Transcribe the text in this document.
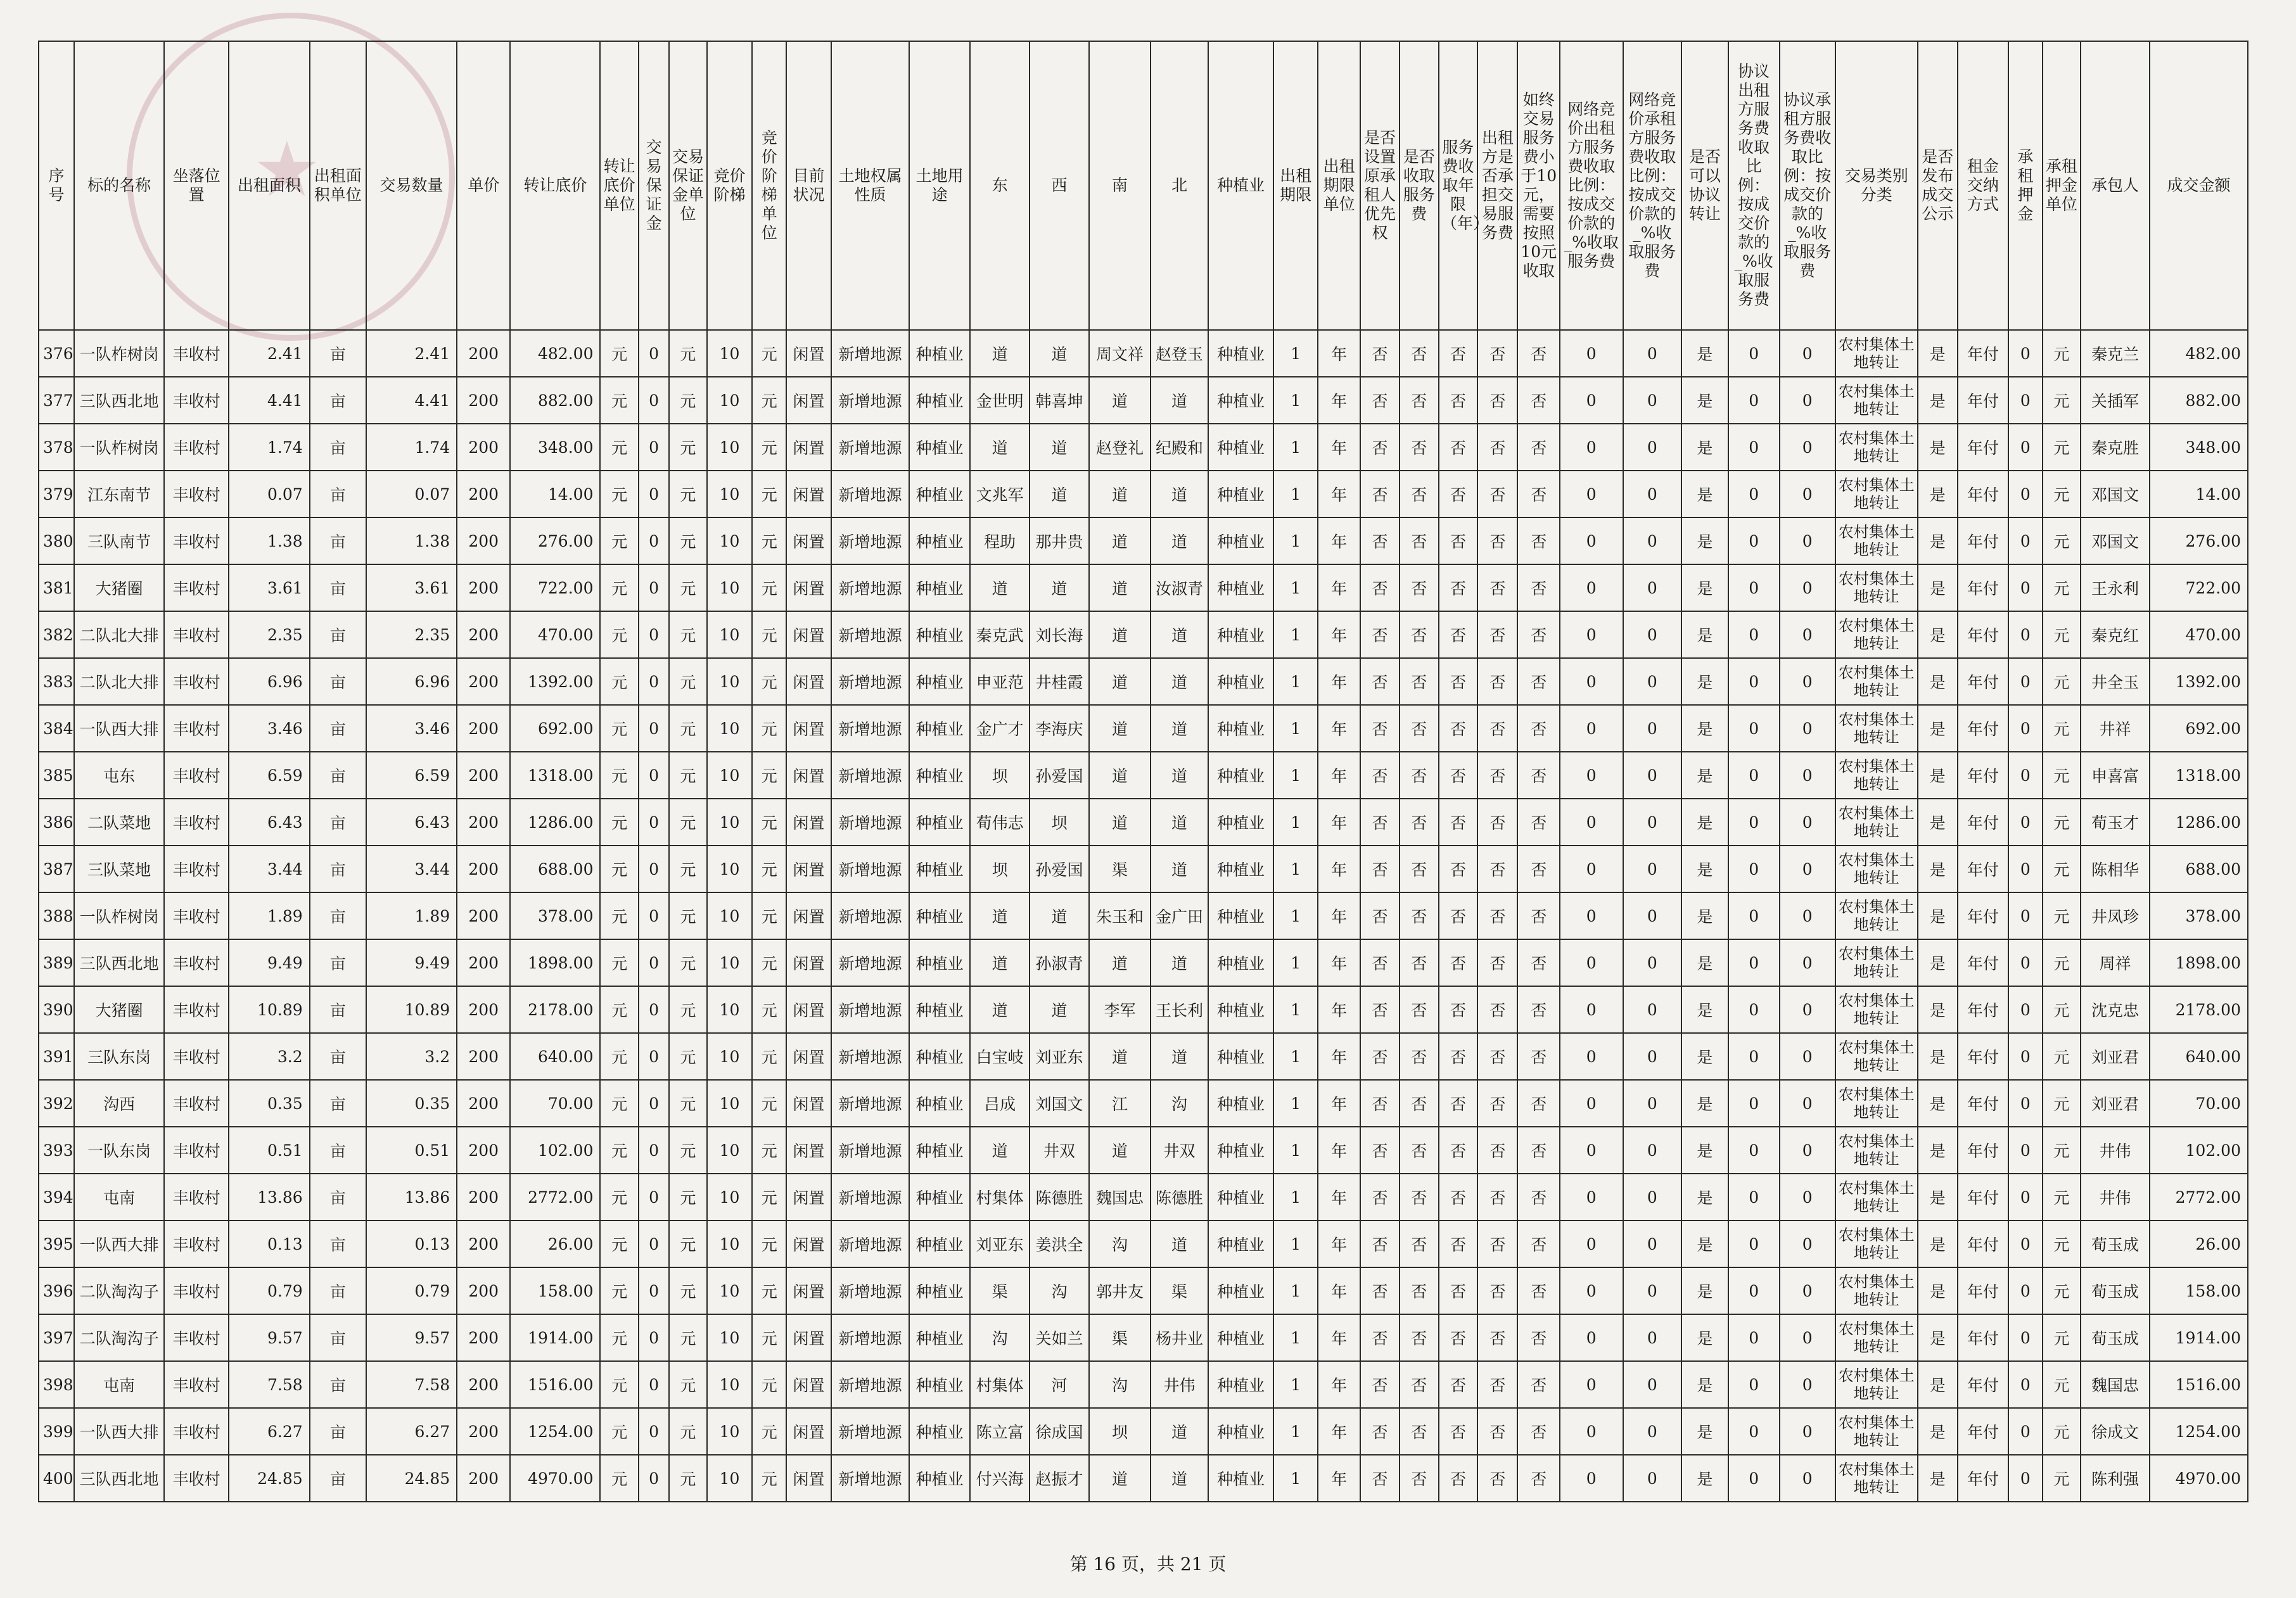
★
序号	标的名称	坐落位置	出租面积	出租面积单位	交易数量	单价	转让底价	转让底价单位	交易保证金	交易保证金单位	竞价阶梯	竞价阶梯单位	目前状况	土地权属性质	土地用途	东	西	南	北	种植业	出租期限	出租期限单位	是否设置原承租人优先权	是否收取服务费	服务费收取年限（年）	出租方是否承担交易服务费	如终交易服务费小于10元，需要按照10元收取	网络竞价出租方服务费收取比例：按成交价款的_%收取服务费	网络竞价承租方服务费收取比例：按成交价款的_%收取服务费	是否可以协议转让	协议出租方服务费收取比例：按成交价款的_%收取服务费	协议承租方服务费收取比例：按成交价款的_%收取服务费	交易类别分类	是否发布成交公示	租金交纳方式	承租押金	承租押金单位	承包人	成交金额
376	一队柞树岗	丰收村	2.41	亩	2.41	200	482.00	元	0	元	10	元	闲置	新增地源	种植业	道	道	周文祥	赵登玉	种植业	1	年	否	否	否	否	否	0	0	是	0	0	农村集体土地转让	是	年付	0	元	秦克兰	482.00
377	三队西北地	丰收村	4.41	亩	4.41	200	882.00	元	0	元	10	元	闲置	新增地源	种植业	金世明	韩喜坤	道	道	种植业	1	年	否	否	否	否	否	0	0	是	0	0	农村集体土地转让	是	年付	0	元	关插军	882.00
378	一队柞树岗	丰收村	1.74	亩	1.74	200	348.00	元	0	元	10	元	闲置	新增地源	种植业	道	道	赵登礼	纪殿和	种植业	1	年	否	否	否	否	否	0	0	是	0	0	农村集体土地转让	是	年付	0	元	秦克胜	348.00
379	江东南节	丰收村	0.07	亩	0.07	200	14.00	元	0	元	10	元	闲置	新增地源	种植业	文兆军	道	道	道	种植业	1	年	否	否	否	否	否	0	0	是	0	0	农村集体土地转让	是	年付	0	元	邓国文	14.00
380	三队南节	丰收村	1.38	亩	1.38	200	276.00	元	0	元	10	元	闲置	新增地源	种植业	程助	那井贵	道	道	种植业	1	年	否	否	否	否	否	0	0	是	0	0	农村集体土地转让	是	年付	0	元	邓国文	276.00
381	大猪圈	丰收村	3.61	亩	3.61	200	722.00	元	0	元	10	元	闲置	新增地源	种植业	道	道	道	汝淑青	种植业	1	年	否	否	否	否	否	0	0	是	0	0	农村集体土地转让	是	年付	0	元	王永利	722.00
382	二队北大排	丰收村	2.35	亩	2.35	200	470.00	元	0	元	10	元	闲置	新增地源	种植业	秦克武	刘长海	道	道	种植业	1	年	否	否	否	否	否	0	0	是	0	0	农村集体土地转让	是	年付	0	元	秦克红	470.00
383	二队北大排	丰收村	6.96	亩	6.96	200	1392.00	元	0	元	10	元	闲置	新增地源	种植业	申亚范	井桂霞	道	道	种植业	1	年	否	否	否	否	否	0	0	是	0	0	农村集体土地转让	是	年付	0	元	井全玉	1392.00
384	一队西大排	丰收村	3.46	亩	3.46	200	692.00	元	0	元	10	元	闲置	新增地源	种植业	金广才	李海庆	道	道	种植业	1	年	否	否	否	否	否	0	0	是	0	0	农村集体土地转让	是	年付	0	元	井祥	692.00
385	屯东	丰收村	6.59	亩	6.59	200	1318.00	元	0	元	10	元	闲置	新增地源	种植业	坝	孙爱国	道	道	种植业	1	年	否	否	否	否	否	0	0	是	0	0	农村集体土地转让	是	年付	0	元	申喜富	1318.00
386	二队菜地	丰收村	6.43	亩	6.43	200	1286.00	元	0	元	10	元	闲置	新增地源	种植业	荀伟志	坝	道	道	种植业	1	年	否	否	否	否	否	0	0	是	0	0	农村集体土地转让	是	年付	0	元	荀玉才	1286.00
387	三队菜地	丰收村	3.44	亩	3.44	200	688.00	元	0	元	10	元	闲置	新增地源	种植业	坝	孙爱国	渠	道	种植业	1	年	否	否	否	否	否	0	0	是	0	0	农村集体土地转让	是	年付	0	元	陈相华	688.00
388	一队柞树岗	丰收村	1.89	亩	1.89	200	378.00	元	0	元	10	元	闲置	新增地源	种植业	道	道	朱玉和	金广田	种植业	1	年	否	否	否	否	否	0	0	是	0	0	农村集体土地转让	是	年付	0	元	井凤珍	378.00
389	三队西北地	丰收村	9.49	亩	9.49	200	1898.00	元	0	元	10	元	闲置	新增地源	种植业	道	孙淑青	道	道	种植业	1	年	否	否	否	否	否	0	0	是	0	0	农村集体土地转让	是	年付	0	元	周祥	1898.00
390	大猪圈	丰收村	10.89	亩	10.89	200	2178.00	元	0	元	10	元	闲置	新增地源	种植业	道	道	李军	王长利	种植业	1	年	否	否	否	否	否	0	0	是	0	0	农村集体土地转让	是	年付	0	元	沈克忠	2178.00
391	三队东岗	丰收村	3.2	亩	3.2	200	640.00	元	0	元	10	元	闲置	新增地源	种植业	白宝岐	刘亚东	道	道	种植业	1	年	否	否	否	否	否	0	0	是	0	0	农村集体土地转让	是	年付	0	元	刘亚君	640.00
392	沟西	丰收村	0.35	亩	0.35	200	70.00	元	0	元	10	元	闲置	新增地源	种植业	吕成	刘国文	江	沟	种植业	1	年	否	否	否	否	否	0	0	是	0	0	农村集体土地转让	是	年付	0	元	刘亚君	70.00
393	一队东岗	丰收村	0.51	亩	0.51	200	102.00	元	0	元	10	元	闲置	新增地源	种植业	道	井双	道	井双	种植业	1	年	否	否	否	否	否	0	0	是	0	0	农村集体土地转让	是	年付	0	元	井伟	102.00
394	屯南	丰收村	13.86	亩	13.86	200	2772.00	元	0	元	10	元	闲置	新增地源	种植业	村集体	陈德胜	魏国忠	陈德胜	种植业	1	年	否	否	否	否	否	0	0	是	0	0	农村集体土地转让	是	年付	0	元	井伟	2772.00
395	一队西大排	丰收村	0.13	亩	0.13	200	26.00	元	0	元	10	元	闲置	新增地源	种植业	刘亚东	姜洪全	沟	道	种植业	1	年	否	否	否	否	否	0	0	是	0	0	农村集体土地转让	是	年付	0	元	荀玉成	26.00
396	二队淘沟子	丰收村	0.79	亩	0.79	200	158.00	元	0	元	10	元	闲置	新增地源	种植业	渠	沟	郭井友	渠	种植业	1	年	否	否	否	否	否	0	0	是	0	0	农村集体土地转让	是	年付	0	元	荀玉成	158.00
397	二队淘沟子	丰收村	9.57	亩	9.57	200	1914.00	元	0	元	10	元	闲置	新增地源	种植业	沟	关如兰	渠	杨井业	种植业	1	年	否	否	否	否	否	0	0	是	0	0	农村集体土地转让	是	年付	0	元	荀玉成	1914.00
398	屯南	丰收村	7.58	亩	7.58	200	1516.00	元	0	元	10	元	闲置	新增地源	种植业	村集体	河	沟	井伟	种植业	1	年	否	否	否	否	否	0	0	是	0	0	农村集体土地转让	是	年付	0	元	魏国忠	1516.00
399	一队西大排	丰收村	6.27	亩	6.27	200	1254.00	元	0	元	10	元	闲置	新增地源	种植业	陈立富	徐成国	坝	道	种植业	1	年	否	否	否	否	否	0	0	是	0	0	农村集体土地转让	是	年付	0	元	徐成文	1254.00
400	三队西北地	丰收村	24.85	亩	24.85	200	4970.00	元	0	元	10	元	闲置	新增地源	种植业	付兴海	赵振才	道	道	种植业	1	年	否	否	否	否	否	0	0	是	0	0	农村集体土地转让	是	年付	0	元	陈利强	4970.00
第 16 页，共 21 页
